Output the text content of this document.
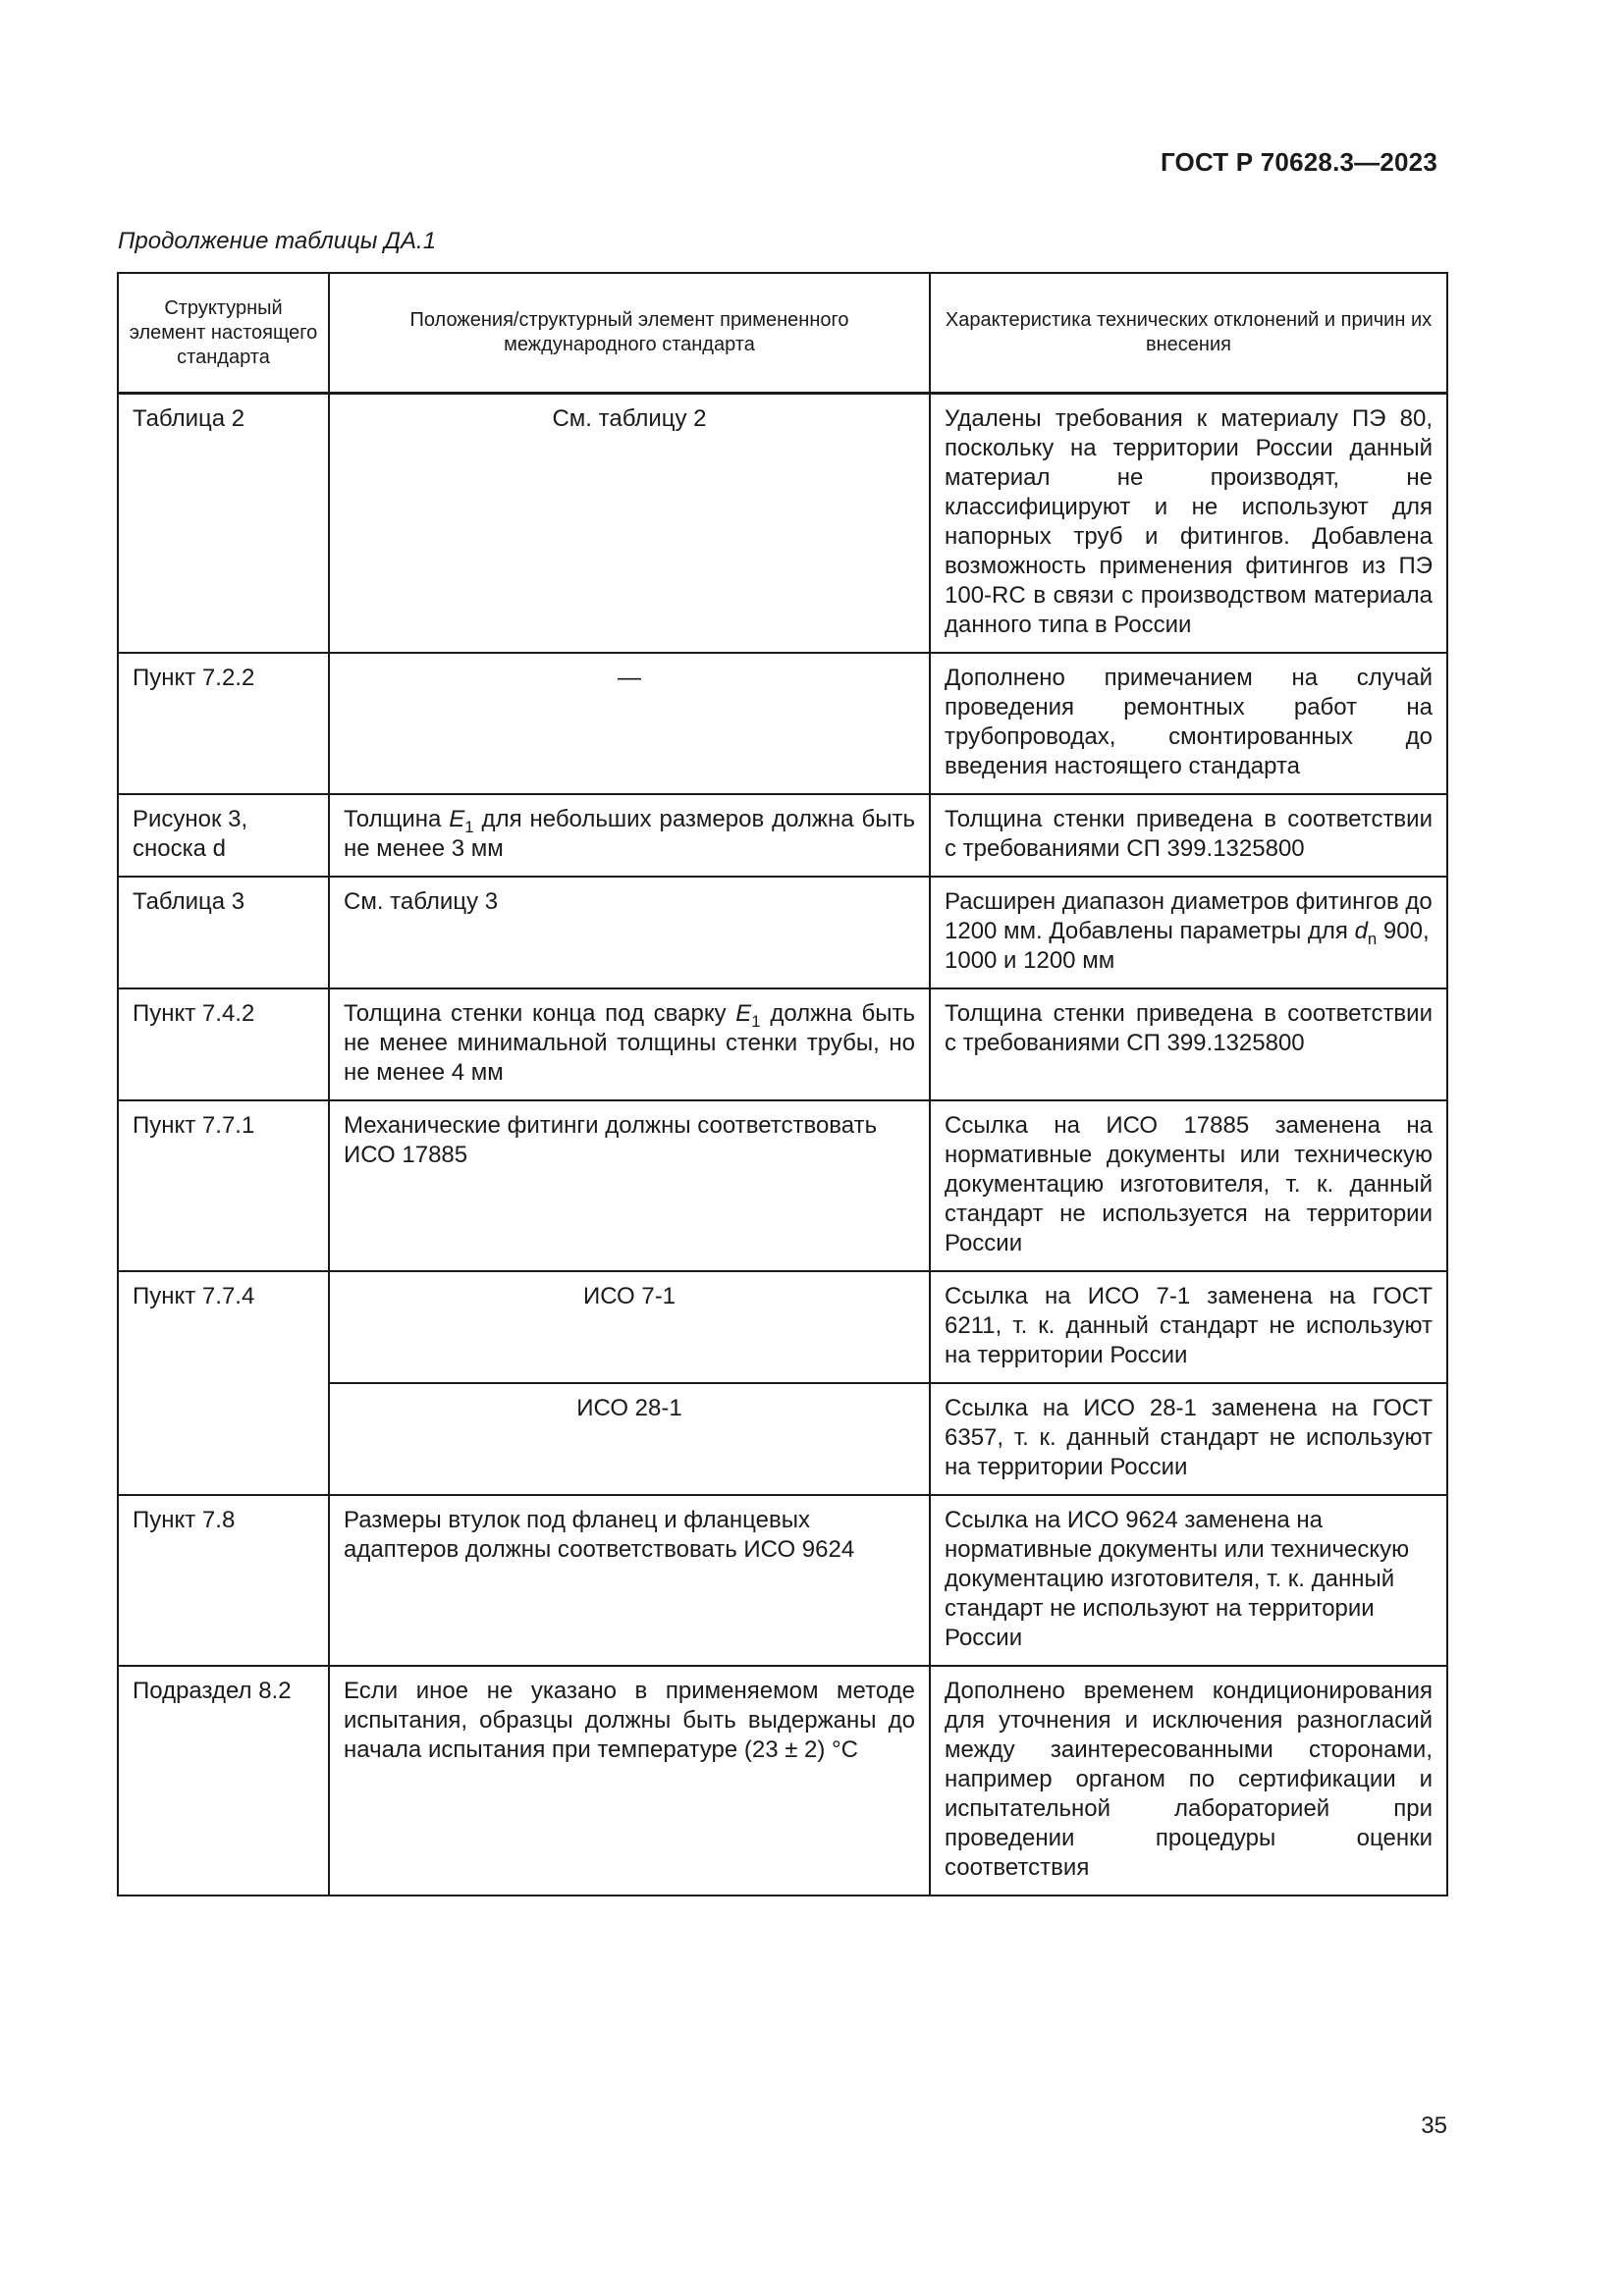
ГОСТ Р 70628.3—2023
Продолжение таблицы ДА.1
Структурный элемент настоящего стандарта	Положения/структурный элемент примененного международного стандарта	Характеристика технических отклонений и причин их внесения
Таблица 2	См. таблицу 2	Удалены требования к материалу ПЭ 80, поскольку на территории России данный материал не производят, не классифицируют и не используют для напорных труб и фитингов. Добавлена возможность применения фитингов из ПЭ 100-RC в связи с производством материала данного типа в России
Пункт 7.2.2	—	Дополнено примечанием на случай проведения ремонтных работ на трубопроводах, смонтированных до введения настоящего стандарта
Рисунок 3, сноска d	Толщина $E_1$ для небольших размеров должна быть не менее 3 мм	Толщина стенки приведена в соответствии с требованиями СП 399.1325800
Таблица 3	См. таблицу 3	Расширен диапазон диаметров фитингов до 1200 мм. Добавлены параметры для $d_n$ 900, 1000 и 1200 мм
Пункт 7.4.2	Толщина стенки конца под сварку $E_1$ должна быть не менее минимальной толщины стенки трубы, но не менее 4 мм	Толщина стенки приведена в соответствии с требованиями СП 399.1325800
Пункт 7.7.1	Механические фитинги должны соответствовать ИСО 17885	Ссылка на ИСО 17885 заменена на нормативные документы или техническую документацию изготовителя, т. к. данный стандарт не используется на территории России
Пункт 7.7.4	ИСО 7-1	Ссылка на ИСО 7-1 заменена на ГОСТ 6211, т. к. данный стандарт не используют на территории России
	ИСО 28-1	Ссылка на ИСО 28-1 заменена на ГОСТ 6357, т. к. данный стандарт не используют на территории России
Пункт 7.8	Размеры втулок под фланец и фланцевых адаптеров должны соответствовать ИСО 9624	Ссылка на ИСО 9624 заменена на нормативные документы или техническую документацию изготовителя, т. к. данный стандарт не используют на территории России
Подраздел 8.2	Если иное не указано в применяемом методе испытания, образцы должны быть выдержаны до начала испытания при температуре (23 ± 2) °С	Дополнено временем кондиционирования для уточнения и исключения разногласий между заинтересованными сторонами, например органом по сертификации и испытательной лабораторией при проведении процедуры оценки соответствия
35
